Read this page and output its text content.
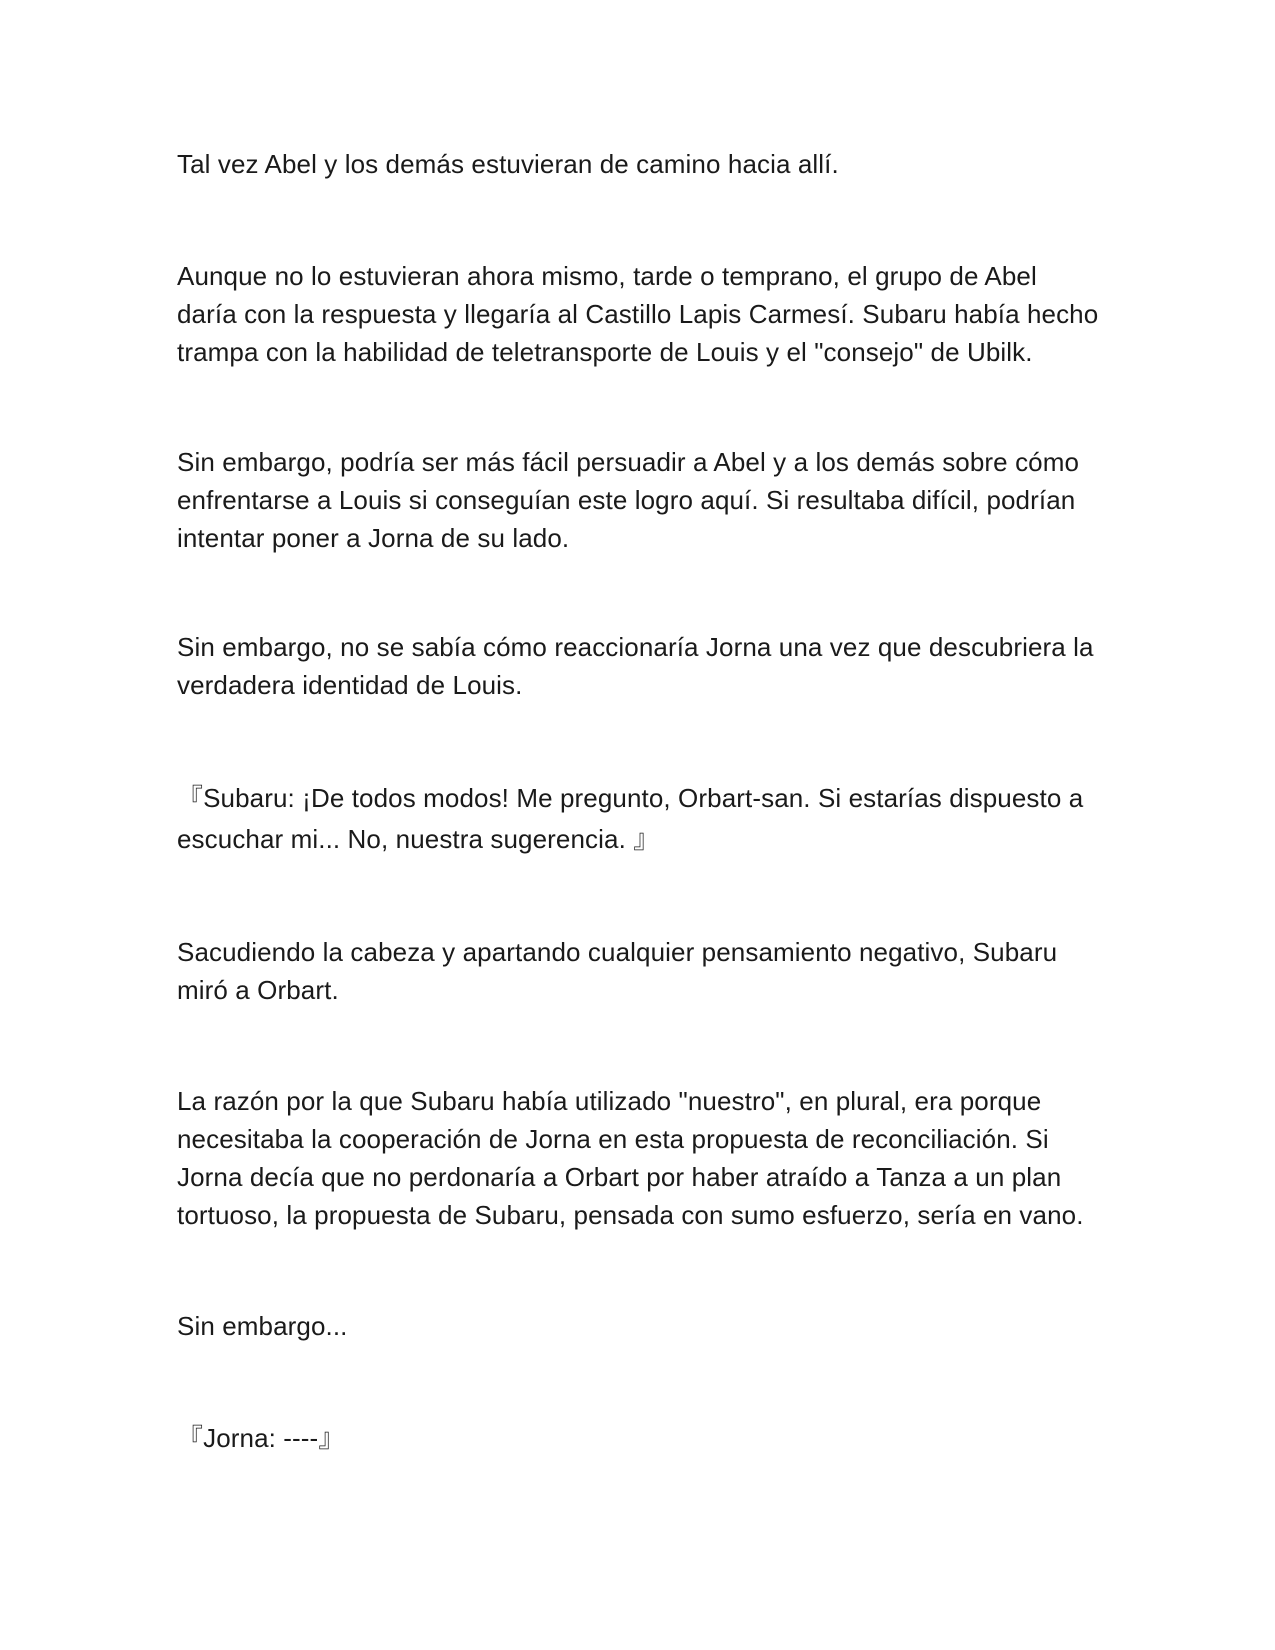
Tal vez Abel y los demás estuvieran de camino hacia allí.

Aunque no lo estuvieran ahora mismo, tarde o temprano, el grupo de Abel
daría con la respuesta y llegaría al Castillo Lapis Carmesí. Subaru había hecho
trampa con la habilidad de teletransporte de Louis y el "consejo" de Ubilk.

Sin embargo, podría ser más fácil persuadir a Abel y a los demás sobre cómo
enfrentarse a Louis si conseguían este logro aquí. Si resultaba difícil, podrían
intentar poner a Jorna de su lado.

Sin embargo, no se sabía cómo reaccionaría Jorna una vez que descubriera la
verdadera identidad de Louis.

『Subaru: ¡De todos modos! Me pregunto, Orbart-san. Si estarías dispuesto a
escuchar mi... No, nuestra sugerencia. 』

Sacudiendo la cabeza y apartando cualquier pensamiento negativo, Subaru
miró a Orbart.

La razón por la que Subaru había utilizado "nuestro", en plural, era porque
necesitaba la cooperación de Jorna en esta propuesta de reconciliación. Si
Jorna decía que no perdonaría a Orbart por haber atraído a Tanza a un plan
tortuoso, la propuesta de Subaru, pensada con sumo esfuerzo, sería en vano.

Sin embargo...

『Jorna: ----』
